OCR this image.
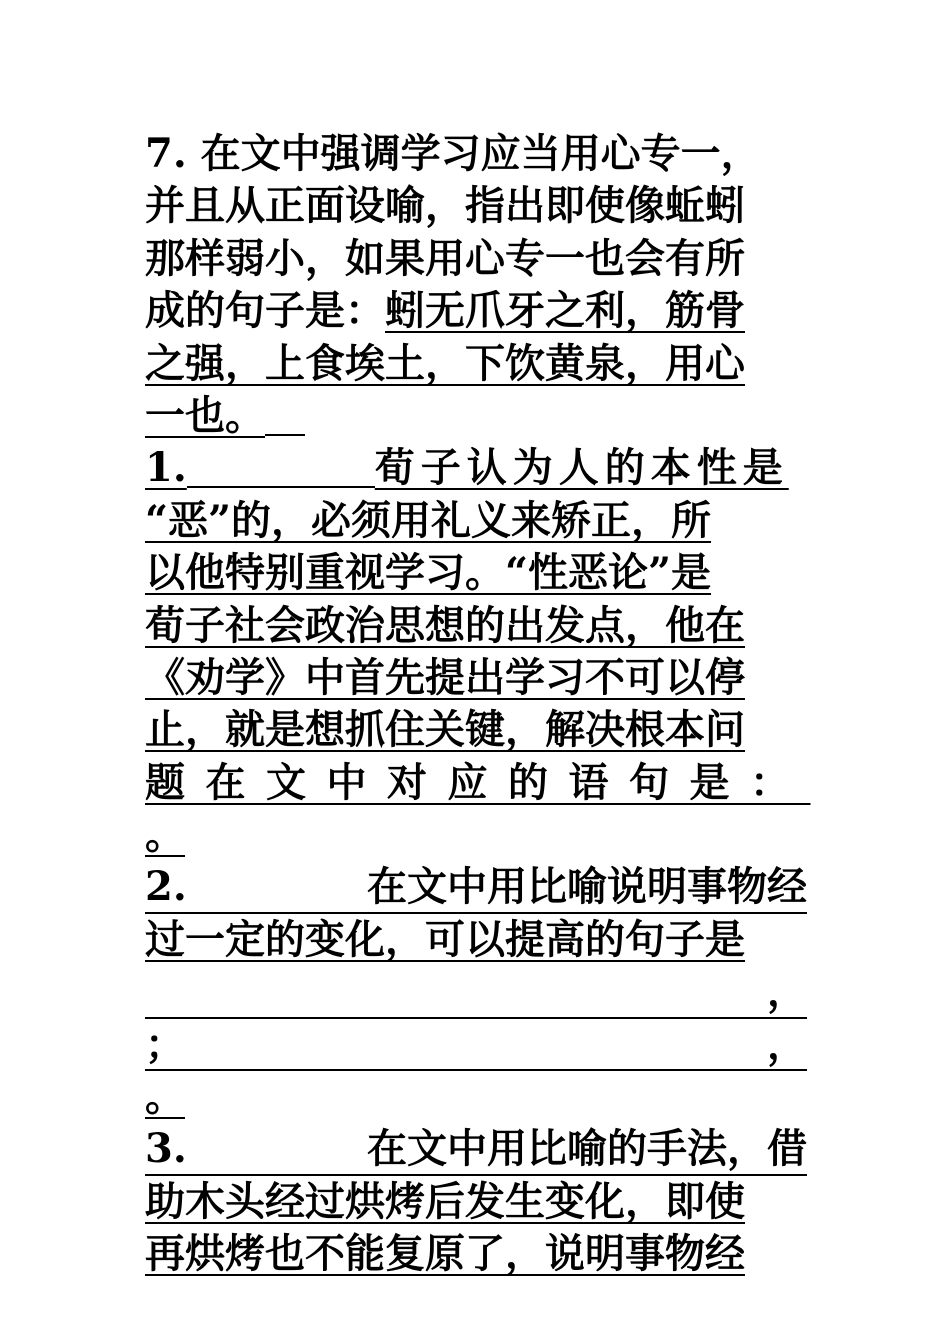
7. 在文中强调学习应当用心专一，
并且从正面设喻，指出即使像蚯蚓
那样弱小，如果用心专一也会有所
成的句子是：蚓无爪牙之利，筋骨
之强，上食埃土，下饮黄泉，用心
一也。
1.	荀子认为人的本性是
“恶”的，必须用礼义来矫正，所
以他特别重视学习。“性恶论”是
荀子社会政治思想的出发点，他在
《劝学》中首先提出学习不可以停
止，就是想抓住关键，解决根本问
题在文中对应的语句是：
。
2.	在文中用比喻说明事物经
过一定的变化，可以提高的句子是
，
；	，
。
3.	在文中用比喻的手法，借
助木头经过烘烤后发生变化，即使
再烘烤也不能复原了，说明事物经
